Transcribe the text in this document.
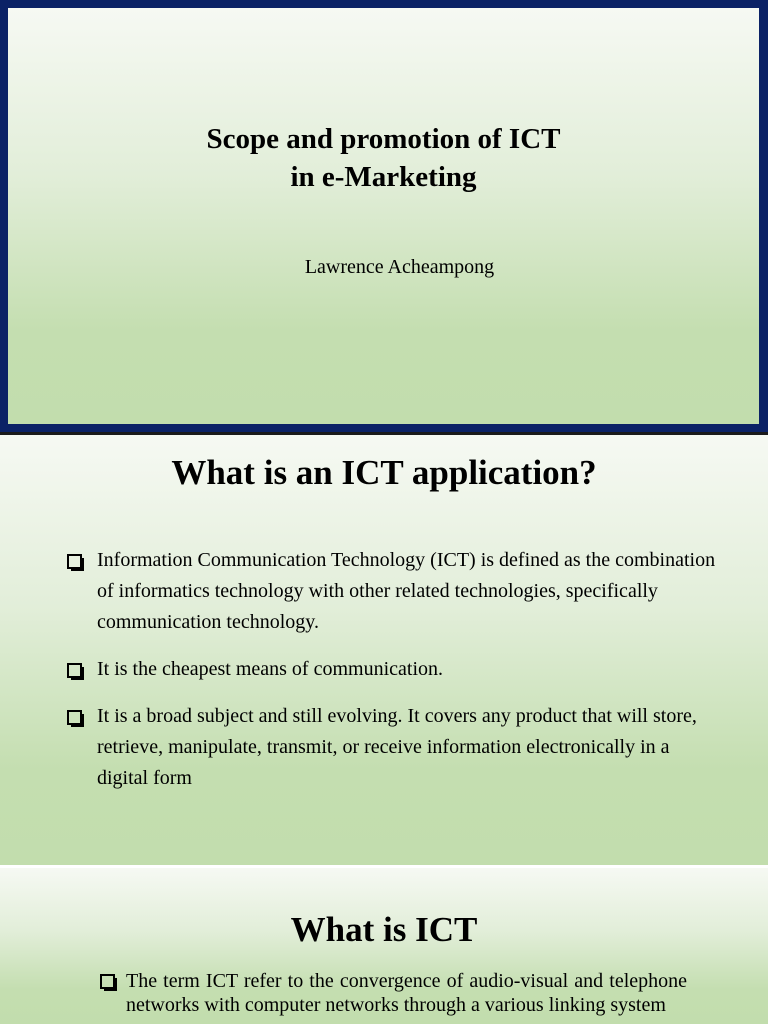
Scope and promotion of ICT
in e-Marketing
Lawrence Acheampong
What is an ICT application?
Information Communication Technology (ICT) is defined as the combination of informatics technology with other related technologies, specifically communication technology.
It is the cheapest means of communication.
It is a broad subject and still evolving. It covers any product that will store, retrieve, manipulate, transmit, or receive information electronically in a digital form
What is ICT
The term ICT refer to the convergence of audio-visual and telephone networks with computer networks through a various linking system
